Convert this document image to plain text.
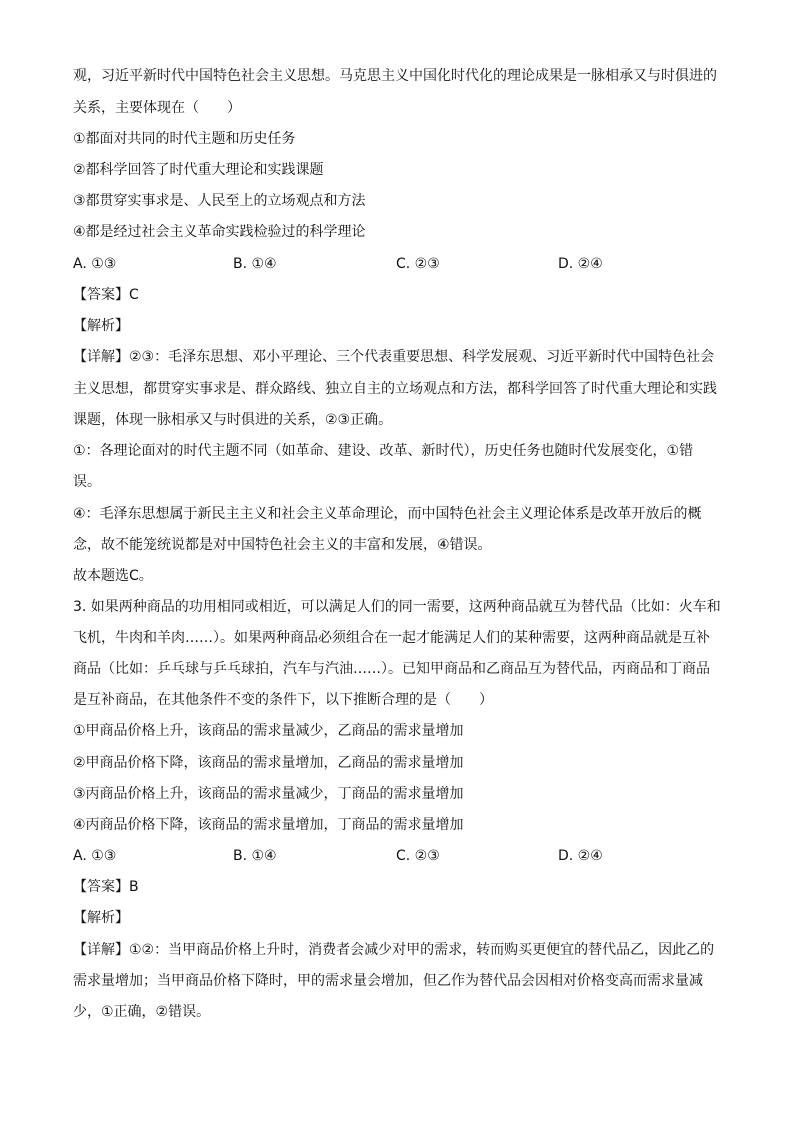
观，习近平新时代中国特色社会主义思想。马克思主义中国化时代化的理论成果是一脉相承又与时俱进的
关系，主要体现在（　　）
①都面对共同的时代主题和历史任务
②都科学回答了时代重大理论和实践课题
③都贯穿实事求是、人民至上的立场观点和方法
④都是经过社会主义革命实践检验过的科学理论
A. ①③	B. ①④	C. ②③	D. ②④
【答案】C
【解析】
【详解】②③：毛泽东思想、邓小平理论、三个代表重要思想、科学发展观、习近平新时代中国特色社会
主义思想，都贯穿实事求是、群众路线、独立自主的立场观点和方法，都科学回答了时代重大理论和实践
课题，体现一脉相承又与时俱进的关系，②③正确。
①：各理论面对的时代主题不同（如革命、建设、改革、新时代），历史任务也随时代发展变化，①错
误。
④：毛泽东思想属于新民主主义和社会主义革命理论，而中国特色社会主义理论体系是改革开放后的概
念，故不能笼统说都是对中国特色社会主义的丰富和发展，④错误。
故本题选C。
3. 如果两种商品的功用相同或相近，可以满足人们的同一需要，这两种商品就互为替代品（比如：火车和
飞机，牛肉和羊肉……）。如果两种商品必须组合在一起才能满足人们的某种需要，这两种商品就是互补
商品（比如：乒乓球与乒乓球拍，汽车与汽油……）。已知甲商品和乙商品互为替代品，丙商品和丁商品
是互补商品，在其他条件不变的条件下，以下推断合理的是（　　）
①甲商品价格上升，该商品的需求量减少，乙商品的需求量增加
②甲商品价格下降，该商品的需求量增加，乙商品的需求量增加
③丙商品价格上升，该商品的需求量减少，丁商品的需求量增加
④丙商品价格下降，该商品的需求量增加，丁商品的需求量增加
A. ①③	B. ①④	C. ②③	D. ②④
【答案】B
【解析】
【详解】①②：当甲商品价格上升时，消费者会减少对甲的需求，转而购买更便宜的替代品乙，因此乙的
需求量增加；当甲商品价格下降时，甲的需求量会增加，但乙作为替代品会因相对价格变高而需求量减
少，①正确，②错误。
